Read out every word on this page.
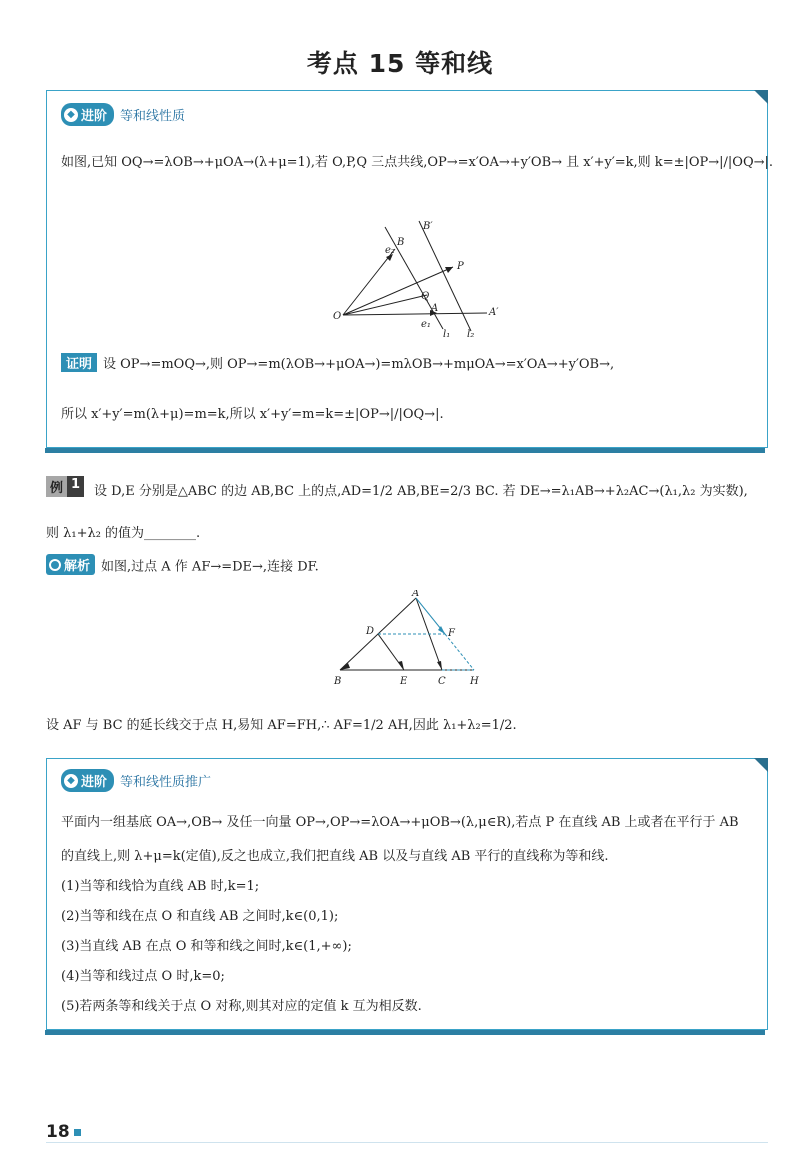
考点 15 等和线
◆ 进阶 等和线性质
如图,已知 OQ→=λOB→+μOA→(λ+μ=1),若 O,P,Q 三点共线,OP→=x′OA→+y′OB→ 且 x′+y′=k,则 k=±|OP→|/|OQ→|.
B
B′
e₂
P
Q
O
A	A′
e₁
l₁ l₂
证明 设 OP→=mOQ→,则 OP→=m(λOB→+μOA→)=mλOB→+mμOA→=x′OA→+y′OB→,
所以 x′+y′=m(λ+μ)=m=k,所以 x′+y′=m=k=±|OP→|/|OQ→|.
例 1	设 D,E 分别是△ABC 的边 AB,BC 上的点,AD=1/2 AB,BE=2/3 BC. 若 DE→=λ₁AB→+λ₂AC→(λ₁,λ₂ 为实数),
则 λ₁+λ₂ 的值为________.
解析 如图,过点 A 作 AF→=DE→,连接 DF.
A
D	F
B	E	C H
设 AF 与 BC 的延长线交于点 H,易知 AF=FH,∴ AF=1/2 AH,因此 λ₁+λ₂=1/2.
◆ 进阶 等和线性质推广
平面内一组基底 OA→,OB→ 及任一向量 OP→,OP→=λOA→+μOB→(λ,μ∈R),若点 P 在直线 AB 上或者在平行于 AB
的直线上,则 λ+μ=k(定值),反之也成立,我们把直线 AB 以及与直线 AB 平行的直线称为等和线.
(1)当等和线恰为直线 AB 时,k=1;
(2)当等和线在点 O 和直线 AB 之间时,k∈(0,1);
(3)当直线 AB 在点 O 和等和线之间时,k∈(1,+∞);
(4)当等和线过点 O 时,k=0;
(5)若两条等和线关于点 O 对称,则其对应的定值 k 互为相反数.
18
